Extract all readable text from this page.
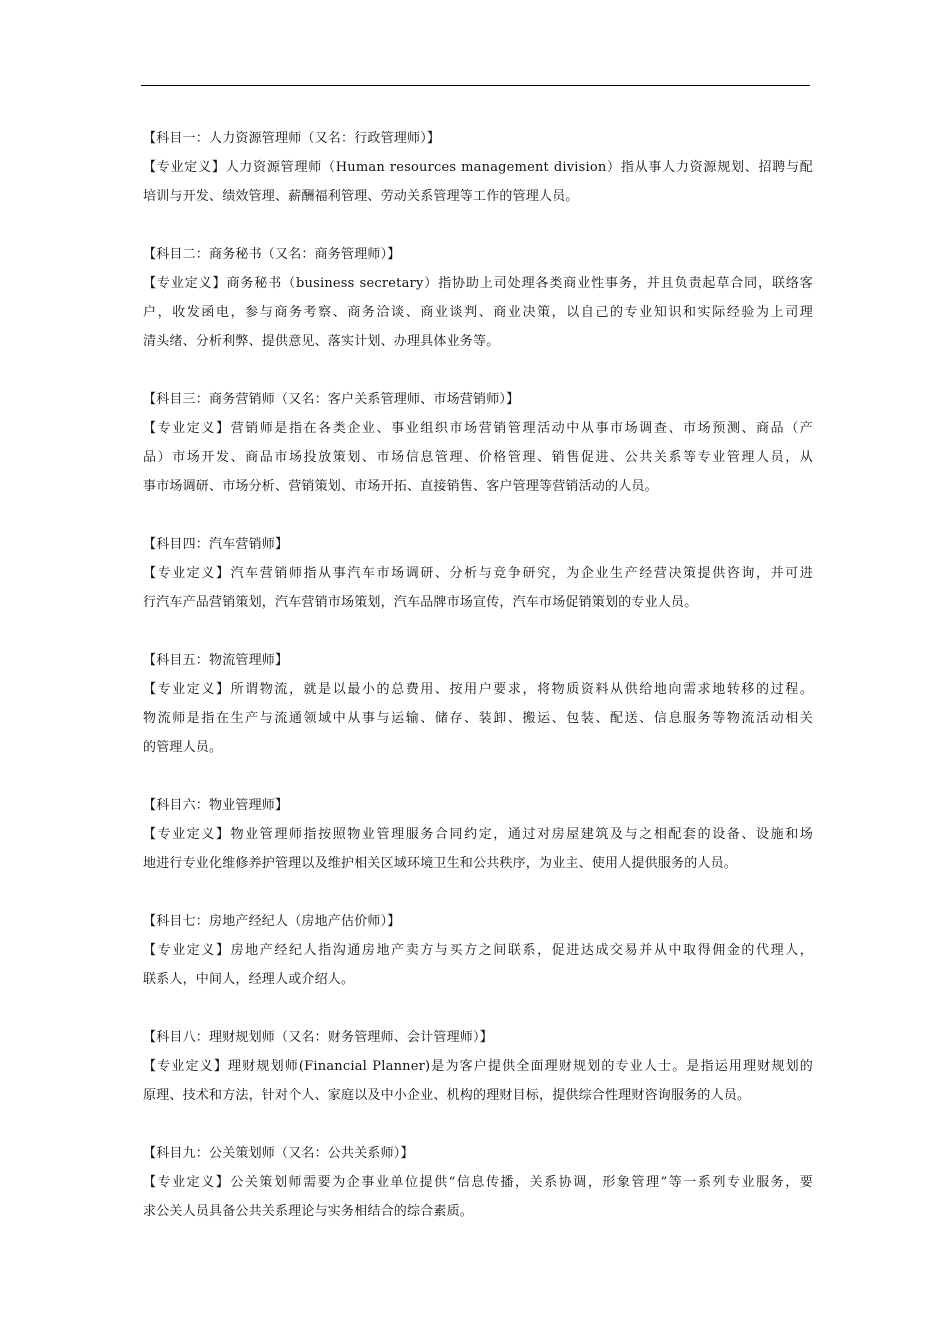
【科目一：人力资源管理师（又名：行政管理师）】
【专业定义】人力资源管理师（Human resources management division）指从事人力资源规划、招聘与配
培训与开发、绩效管理、薪酬福利管理、劳动关系管理等工作的管理人员。
【科目二：商务秘书（又名：商务管理师）】
【专业定义】商务秘书（business secretary）指协助上司处理各类商业性事务，并且负责起草合同，联络客
户，收发函电，参与商务考察、商务洽谈、商业谈判、商业决策，以自己的专业知识和实际经验为上司理
清头绪、分析利弊、提供意见、落实计划、办理具体业务等。
【科目三：商务营销师（又名：客户关系管理师、市场营销师）】
【专业定义】营销师是指在各类企业、事业组织市场营销管理活动中从事市场调查、市场预测、商品（产
品）市场开发、商品市场投放策划、市场信息管理、价格管理、销售促进、公共关系等专业管理人员，从
事市场调研、市场分析、营销策划、市场开拓、直接销售、客户管理等营销活动的人员。
【科目四：汽车营销师】
【专业定义】汽车营销师指从事汽车市场调研、分析与竞争研究，为企业生产经营决策提供咨询，并可进
行汽车产品营销策划，汽车营销市场策划，汽车品牌市场宣传，汽车市场促销策划的专业人员。
【科目五：物流管理师】
【专业定义】所谓物流，就是以最小的总费用、按用户要求，将物质资料从供给地向需求地转移的过程。
物流师是指在生产与流通领域中从事与运输、储存、装卸、搬运、包装、配送、信息服务等物流活动相关
的管理人员。
【科目六：物业管理师】
【专业定义】物业管理师指按照物业管理服务合同约定，通过对房屋建筑及与之相配套的设备、设施和场
地进行专业化维修养护管理以及维护相关区域环境卫生和公共秩序，为业主、使用人提供服务的人员。
【科目七：房地产经纪人（房地产估价师）】
【专业定义】房地产经纪人指沟通房地产卖方与买方之间联系，促进达成交易并从中取得佣金的代理人，
联系人，中间人，经理人或介绍人。
【科目八：理财规划师（又名：财务管理师、会计管理师）】
【专业定义】理财规划师(Financial Planner)是为客户提供全面理财规划的专业人士。是指运用理财规划的
原理、技术和方法，针对个人、家庭以及中小企业、机构的理财目标，提供综合性理财咨询服务的人员。
【科目九：公关策划师（又名：公共关系师）】
【专业定义】公关策划师需要为企事业单位提供“信息传播，关系协调，形象管理”等一系列专业服务，要
求公关人员具备公共关系理论与实务相结合的综合素质。
